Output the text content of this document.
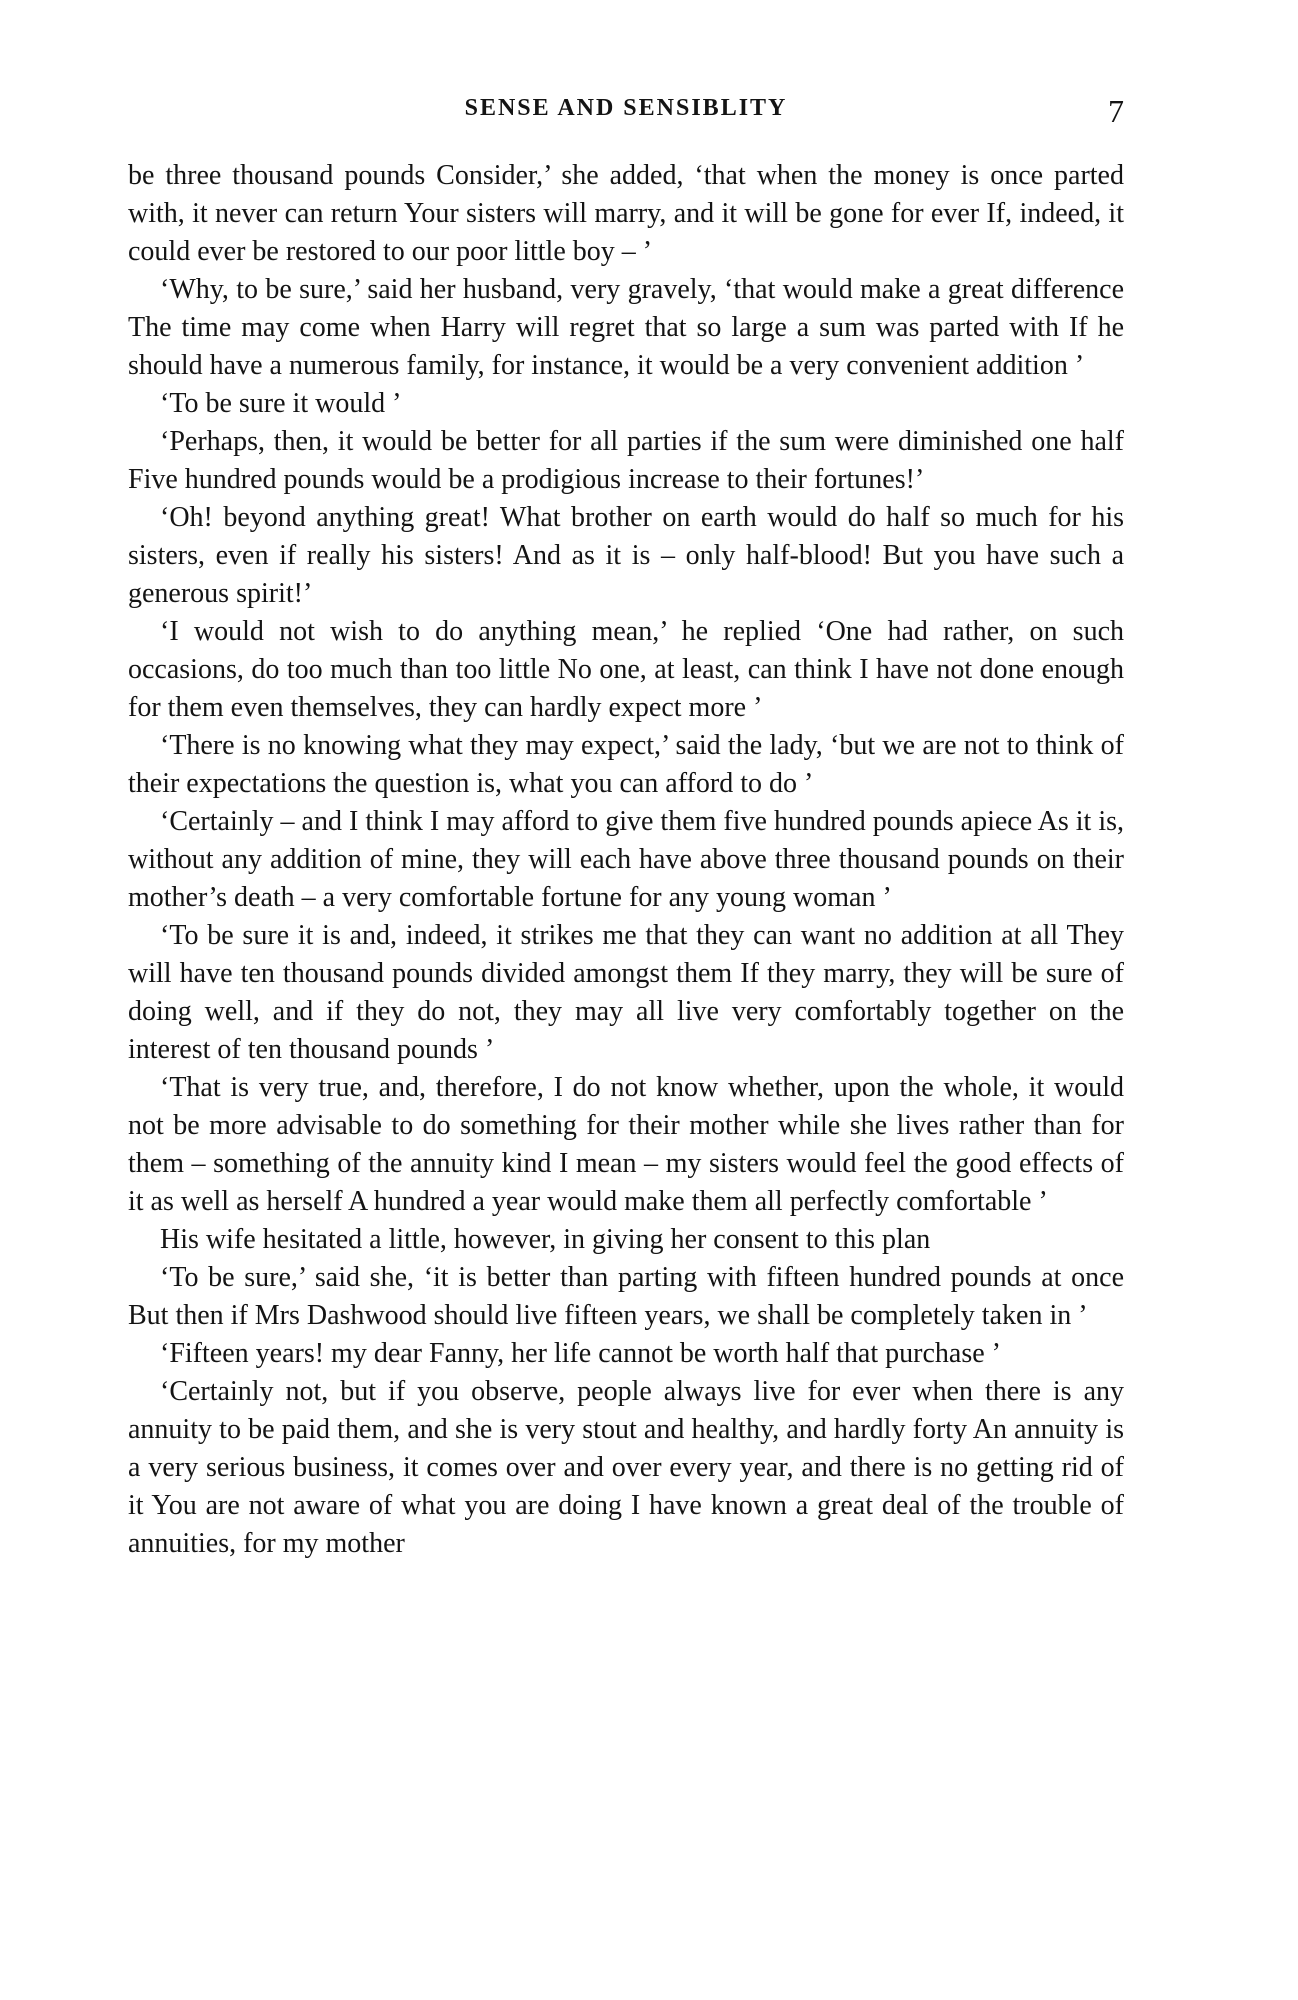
SENSE AND SENSIBLITY	7

be three thousand pounds Consider,’ she added, ‘that when the money is once parted with, it never can return Your sisters will marry, and it will be gone for ever If, indeed, it could ever be restored to our poor little boy – ’

‘Why, to be sure,’ said her husband, very gravely, ‘that would make a great difference The time may come when Harry will regret that so large a sum was parted with If he should have a numerous family, for instance, it would be a very convenient addition ’

‘To be sure it would ’

‘Perhaps, then, it would be better for all parties if the sum were diminished one half Five hundred pounds would be a prodigious increase to their fortunes!’

‘Oh! beyond anything great! What brother on earth would do half so much for his sisters, even if really his sisters! And as it is – only half-blood! But you have such a generous spirit!’

‘I would not wish to do anything mean,’ he replied ‘One had rather, on such occasions, do too much than too little No one, at least, can think I have not done enough for them even themselves, they can hardly expect more ’

‘There is no knowing what they may expect,’ said the lady, ‘but we are not to think of their expectations the question is, what you can afford to do ’

‘Certainly – and I think I may afford to give them five hundred pounds apiece As it is, without any addition of mine, they will each have above three thousand pounds on their mother’s death – a very comfortable fortune for any young woman ’

‘To be sure it is and, indeed, it strikes me that they can want no addition at all They will have ten thousand pounds divided amongst them If they marry, they will be sure of doing well, and if they do not, they may all live very comfortably together on the interest of ten thousand pounds ’

‘That is very true, and, therefore, I do not know whether, upon the whole, it would not be more advisable to do something for their mother while she lives rather than for them – something of the annuity kind I mean – my sisters would feel the good effects of it as well as herself A hundred a year would make them all perfectly comfortable ’

His wife hesitated a little, however, in giving her consent to this plan

‘To be sure,’ said she, ‘it is better than parting with fifteen hundred pounds at once But then if Mrs Dashwood should live fifteen years, we shall be completely taken in ’

‘Fifteen years! my dear Fanny, her life cannot be worth half that purchase ’

‘Certainly not, but if you observe, people always live for ever when there is any annuity to be paid them, and she is very stout and healthy, and hardly forty An annuity is a very serious business, it comes over and over every year, and there is no getting rid of it You are not aware of what you are doing I have known a great deal of the trouble of annuities, for my mother
